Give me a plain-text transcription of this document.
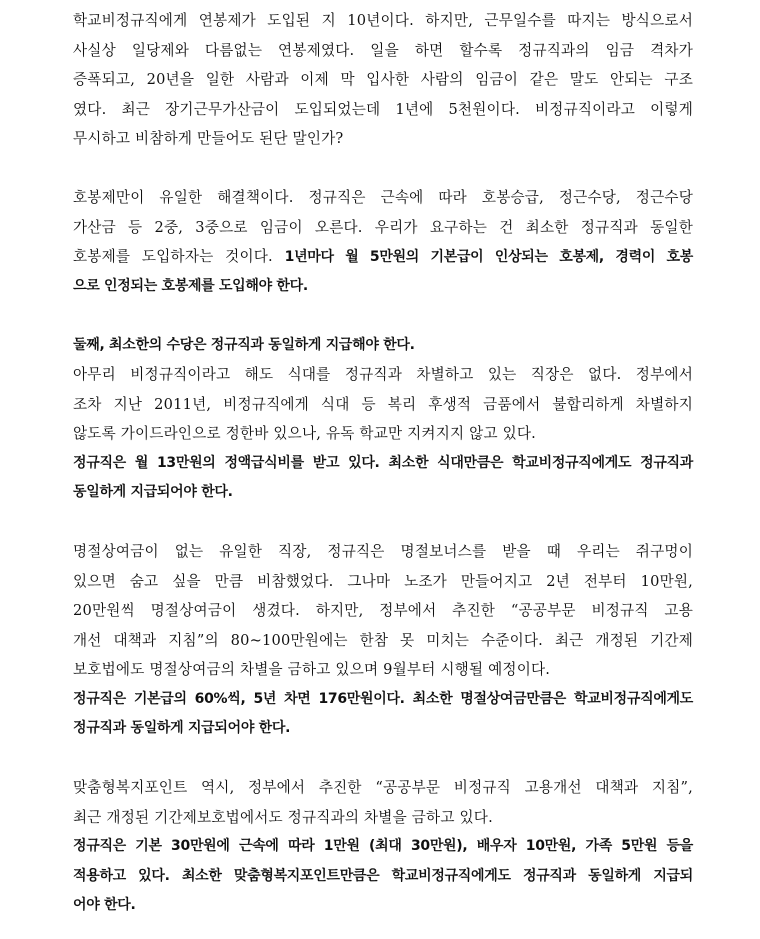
학교비정규직에게 연봉제가 도입된 지 10년이다. 하지만, 근무일수를 따지는 방식으로서
사실상 일당제와 다름없는 연봉제였다. 일을 하면 할수록 정규직과의 임금 격차가
증폭되고, 20년을 일한 사람과 이제 막 입사한 사람의 임금이 같은 말도 안되는 구조
였다. 최근 장기근무가산금이 도입되었는데 1년에 5천원이다. 비정규직이라고 이렇게
무시하고 비참하게 만들어도 된단 말인가?
호봉제만이 유일한 해결책이다. 정규직은 근속에 따라 호봉승급, 정근수당, 정근수당
가산금 등 2중, 3중으로 임금이 오른다. 우리가 요구하는 건 최소한 정규직과 동일한
호봉제를 도입하자는 것이다. 1년마다 월 5만원의 기본급이 인상되는 호봉제, 경력이 호봉
으로 인정되는 호봉제를 도입해야 한다.
둘째, 최소한의 수당은 정규직과 동일하게 지급해야 한다.
아무리 비정규직이라고 해도 식대를 정규직과 차별하고 있는 직장은 없다. 정부에서
조차 지난 2011년, 비정규직에게 식대 등 복리 후생적 금품에서 불합리하게 차별하지
않도록 가이드라인으로 정한바 있으나, 유독 학교만 지켜지지 않고 있다.
정규직은 월 13만원의 정액급식비를 받고 있다. 최소한 식대만큼은 학교비정규직에게도 정규직과
동일하게 지급되어야 한다.
명절상여금이 없는 유일한 직장, 정규직은 명절보너스를 받을 때 우리는 쥐구멍이
있으면 숨고 싶을 만큼 비참했었다. 그나마 노조가 만들어지고 2년 전부터 10만원,
20만원씩 명절상여금이 생겼다. 하지만, 정부에서 추진한 “공공부문 비정규직 고용
개선 대책과 지침”의 80~100만원에는 한참 못 미치는 수준이다. 최근 개정된 기간제
보호법에도 명절상여금의 차별을 금하고 있으며 9월부터 시행될 예정이다.
정규직은 기본급의 60%씩, 5년 차면 176만원이다. 최소한 명절상여금만큼은 학교비정규직에게도
정규직과 동일하게 지급되어야 한다.
맞춤형복지포인트 역시, 정부에서 추진한 “공공부문 비정규직 고용개선 대책과 지침”,
최근 개정된 기간제보호법에서도 정규직과의 차별을 금하고 있다.
정규직은 기본 30만원에 근속에 따라 1만원 (최대 30만원), 배우자 10만원, 가족 5만원 등을
적용하고 있다. 최소한 맞춤형복지포인트만큼은 학교비정규직에게도 정규직과 동일하게 지급되
어야 한다.
